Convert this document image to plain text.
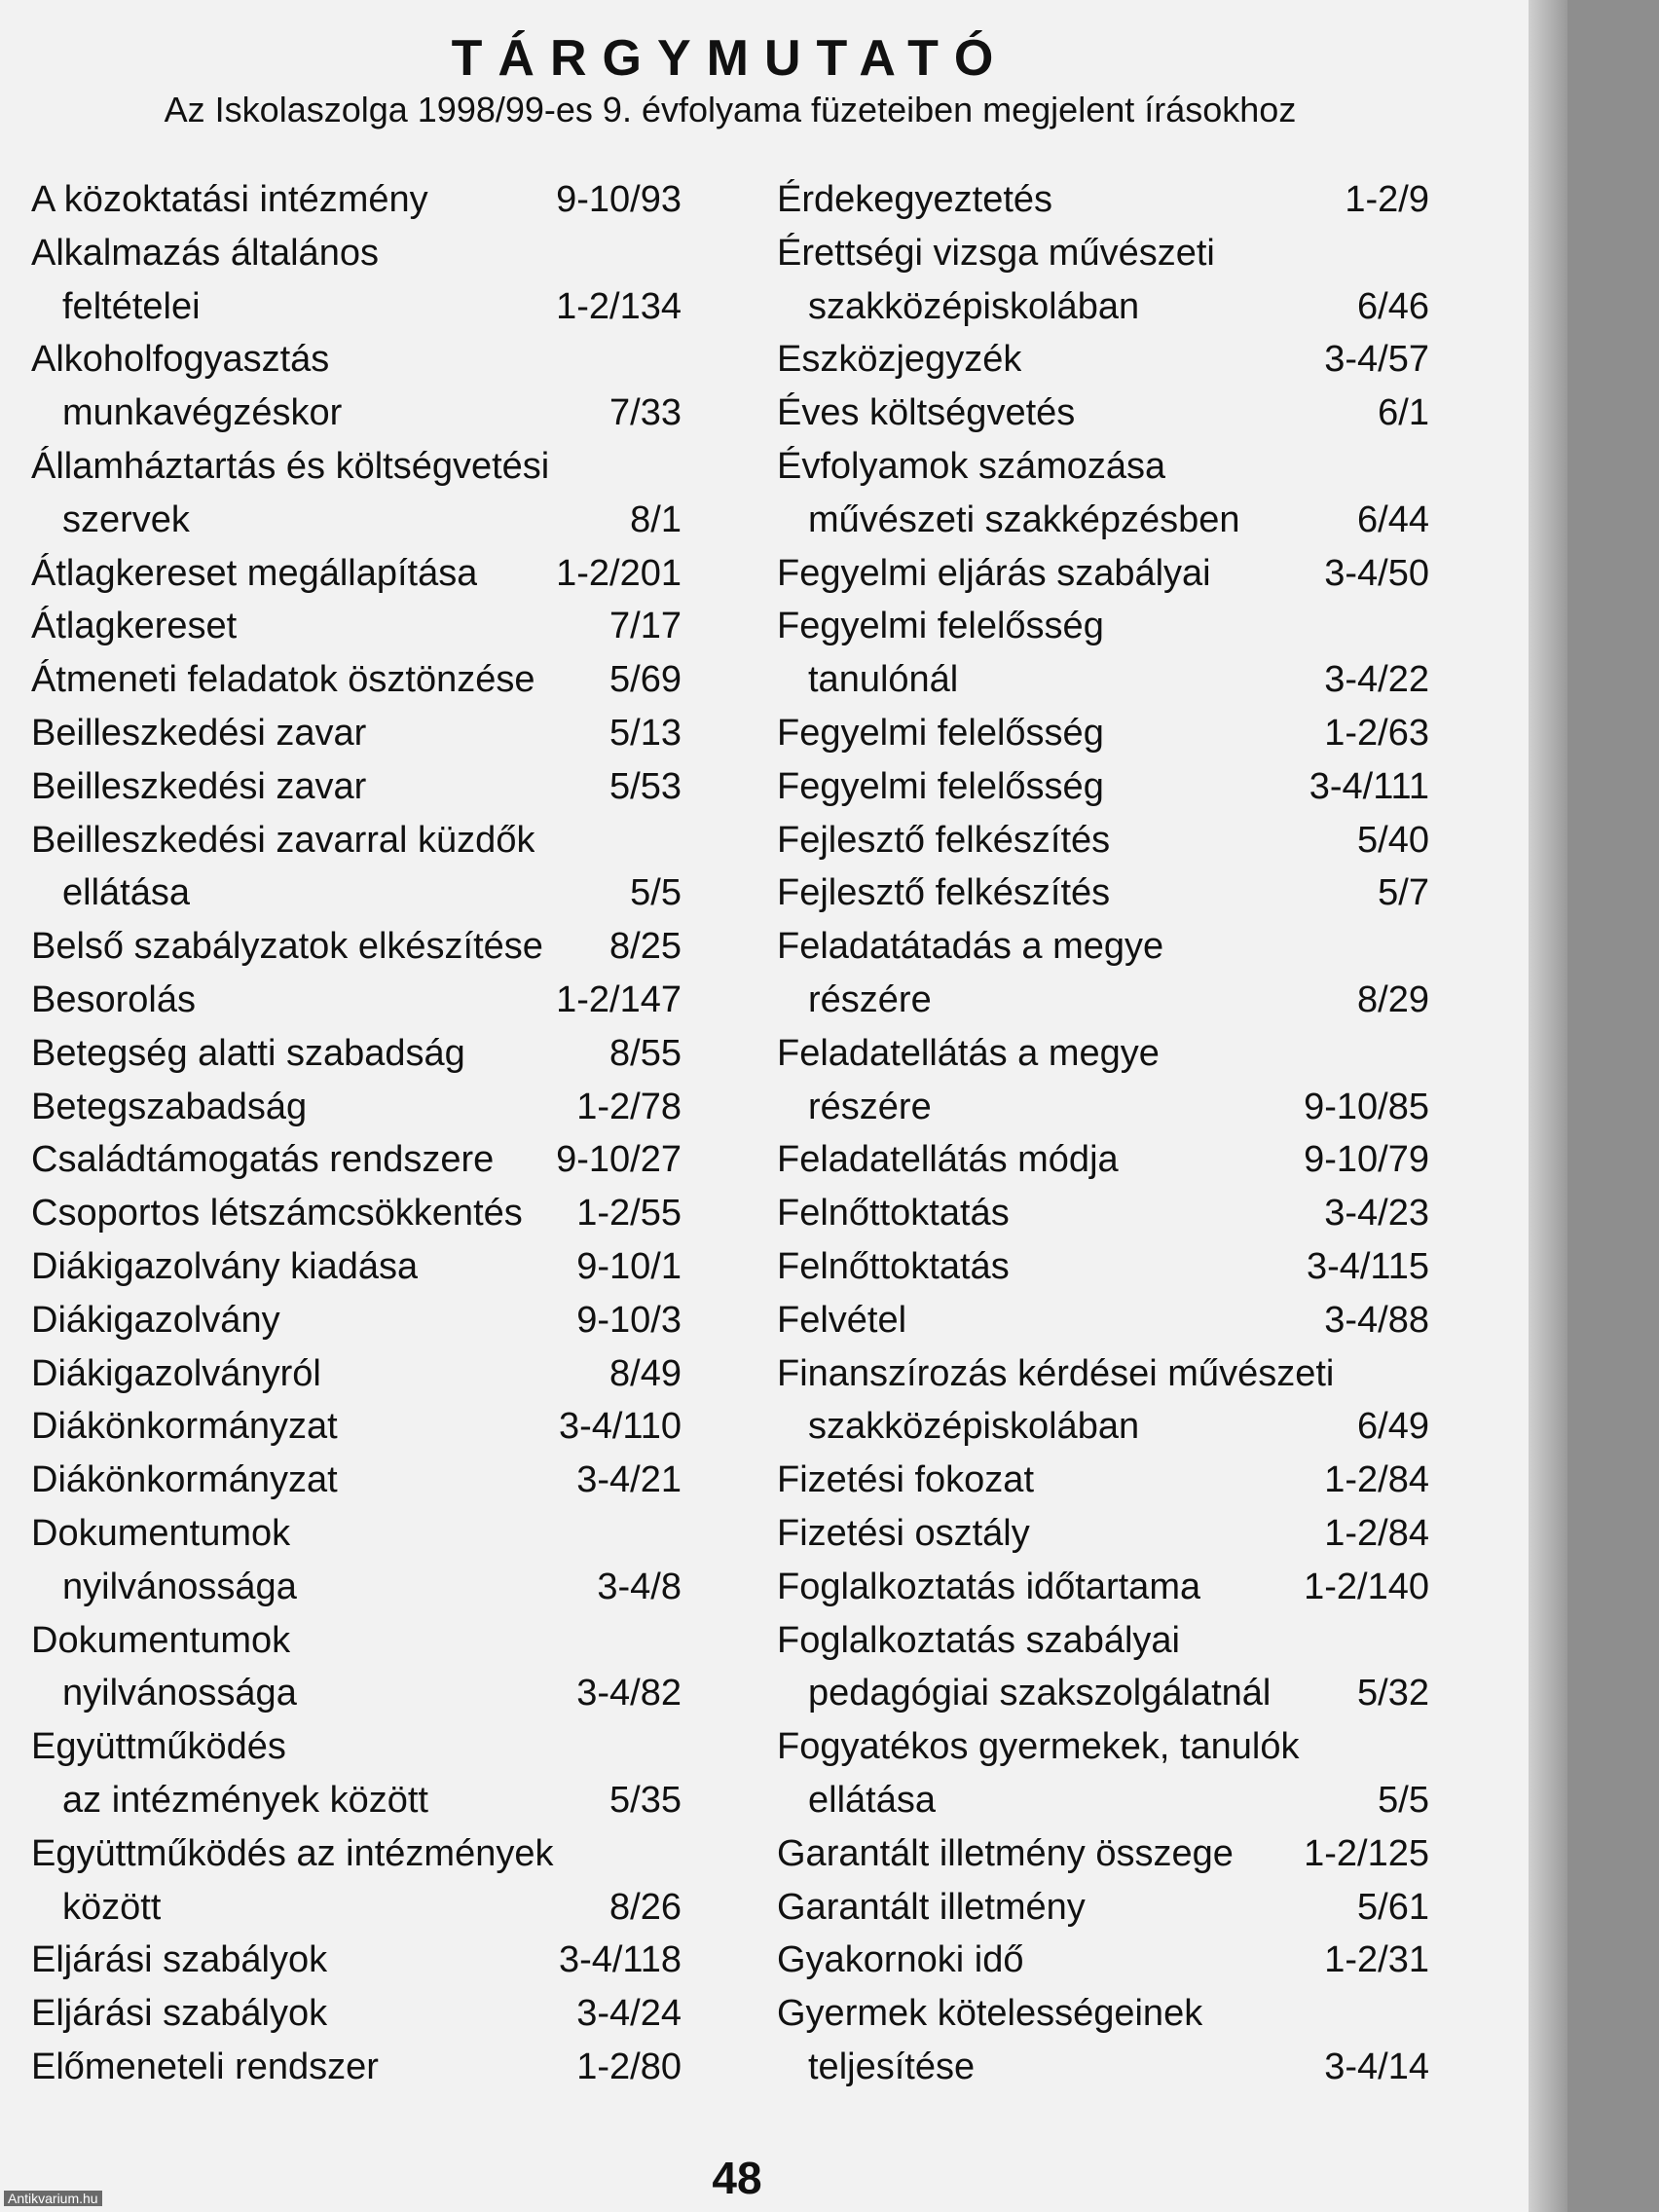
TÁRGYMUTATÓ
Az Iskolaszolga 1998/99-es 9. évfolyama füzeteiben megjelent írásokhoz
A közoktatási intézmény	9-10/93
Alkalmazás általános
feltételei	1-2/134
Alkoholfogyasztás
munkavégzéskor	7/33
Államháztartás és költségvetési
szervek	8/1
Átlagkereset megállapítása 1-2/201
Átlagkereset	7/17
Átmeneti feladatok ösztönzése 5/69
Beilleszkedési zavar	5/13
Beilleszkedési zavar	5/53
Beilleszkedési zavarral küzdők
ellátása	5/5
Belső szabályzatok elkészítése 8/25
Besorolás	1-2/147
Betegség alatti szabadság	8/55
Betegszabadság	1-2/78
Családtámogatás rendszere 9-10/27
Csoportos létszámcsökkentés 1-2/55
Diákigazolvány kiadása	9-10/1
Diákigazolvány	9-10/3
Diákigazolványról	8/49
Diákönkormányzat	3-4/110
Diákönkormányzat	3-4/21
Dokumentumok
nyilvánossága	3-4/8
Dokumentumok
nyilvánossága	3-4/82
Együttműködés
az intézmények között	5/35
Együttműködés az intézmények
között	8/26
Eljárási szabályok	3-4/118
Eljárási szabályok	3-4/24
Előmeneteli rendszer	1-2/80
Érdekegyeztetés	1-2/9
Érettségi vizsga művészeti
szakközépiskolában	6/46
Eszközjegyzék	3-4/57
Éves költségvetés	6/1
Évfolyamok számozása
művészeti szakképzésben	6/44
Fegyelmi eljárás szabályai	3-4/50
Fegyelmi felelősség
tanulónál	3-4/22
Fegyelmi felelősség	1-2/63
Fegyelmi felelősség	3-4/111
Fejlesztő felkészítés	5/40
Fejlesztő felkészítés	5/7
Feladatátadás a megye
részére	8/29
Feladatellátás a megye
részére	9-10/85
Feladatellátás módja	9-10/79
Felnőttoktatás	3-4/23
Felnőttoktatás	3-4/115
Felvétel	3-4/88
Finanszírozás kérdései művészeti
szakközépiskolában	6/49
Fizetési fokozat	1-2/84
Fizetési osztály	1-2/84
Foglalkoztatás időtartama	1-2/140
Foglalkoztatás szabályai
pedagógiai szakszolgálatnál 5/32
Fogyatékos gyermekek, tanulók
ellátása	5/5
Garantált illetmény összege 1-2/125
Garantált illetmény	5/61
Gyakornoki idő	1-2/31
Gyermek kötelességeinek
teljesítése	3-4/14
48
Antikvarium.hu
